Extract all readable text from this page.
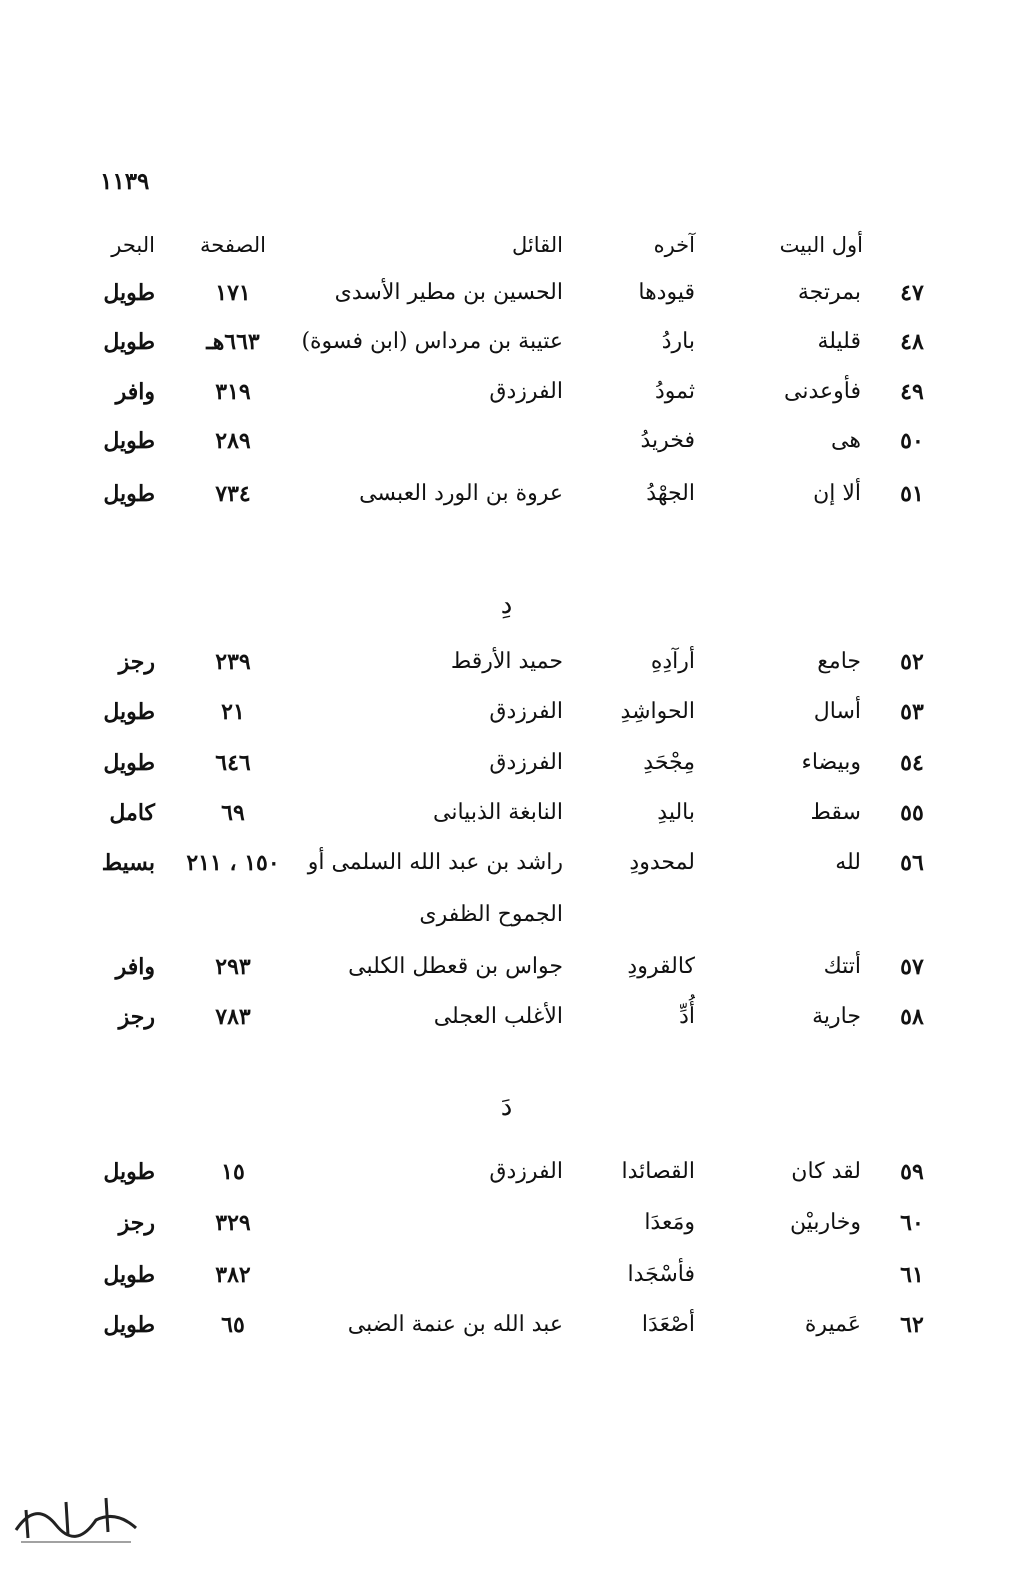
١١٣٩
أول البيت
آخره
القائل
الصفحة
البحر
٤٧
بمرتجة
قيودها
الحسين بن مطير الأسدى
١٧١
طويل
٤٨
قليلة
باردُ
عتيبة بن مرداس (ابن فسوة)
٦٦٣هـ
طويل
٤٩
فأوعدنى
ثمودُ
الفرزدق
٣١٩
وافر
٥٠
هى
فخريدُ
٢٨٩
طويل
٥١
ألا إن
الجهْدُ
عروة بن الورد العبسى
٧٣٤
طويل
دِ
٥٢
جامع
أرآدِهِ
حميد الأرقط
٢٣٩
رجز
٥٣
أسال
الحواشِدِ
الفرزدق
٢١
طويل
٥٤
وبيضاء
مِجْحَدِ
الفرزدق
٦٤٦
طويل
٥٥
سقط
باليدِ
النابغة الذبيانى
٦٩
كامل
٥٦
لله
لمحدودِ
راشد بن عبد الله السلمى أو
١٥٠ ، ٢١١
بسيط
الجموح الظفرى
٥٧
أتتك
كالقرودِ
جواس بن قعطل الكلبى
٢٩٣
وافر
٥٨
جارية
أُدِّ
الأغلب العجلى
٧٨٣
رجز
دَ
٥٩
لقد كان
القصائدا
الفرزدق
١٥
طويل
٦٠
وخاربيْن
ومَعدَا
٣٢٩
رجز
٦١
فأسْجَدا
٣٨٢
طويل
٦٢
عَميرة
أصْعَدَا
عبد الله بن عنمة الضبى
٦٥
طويل
